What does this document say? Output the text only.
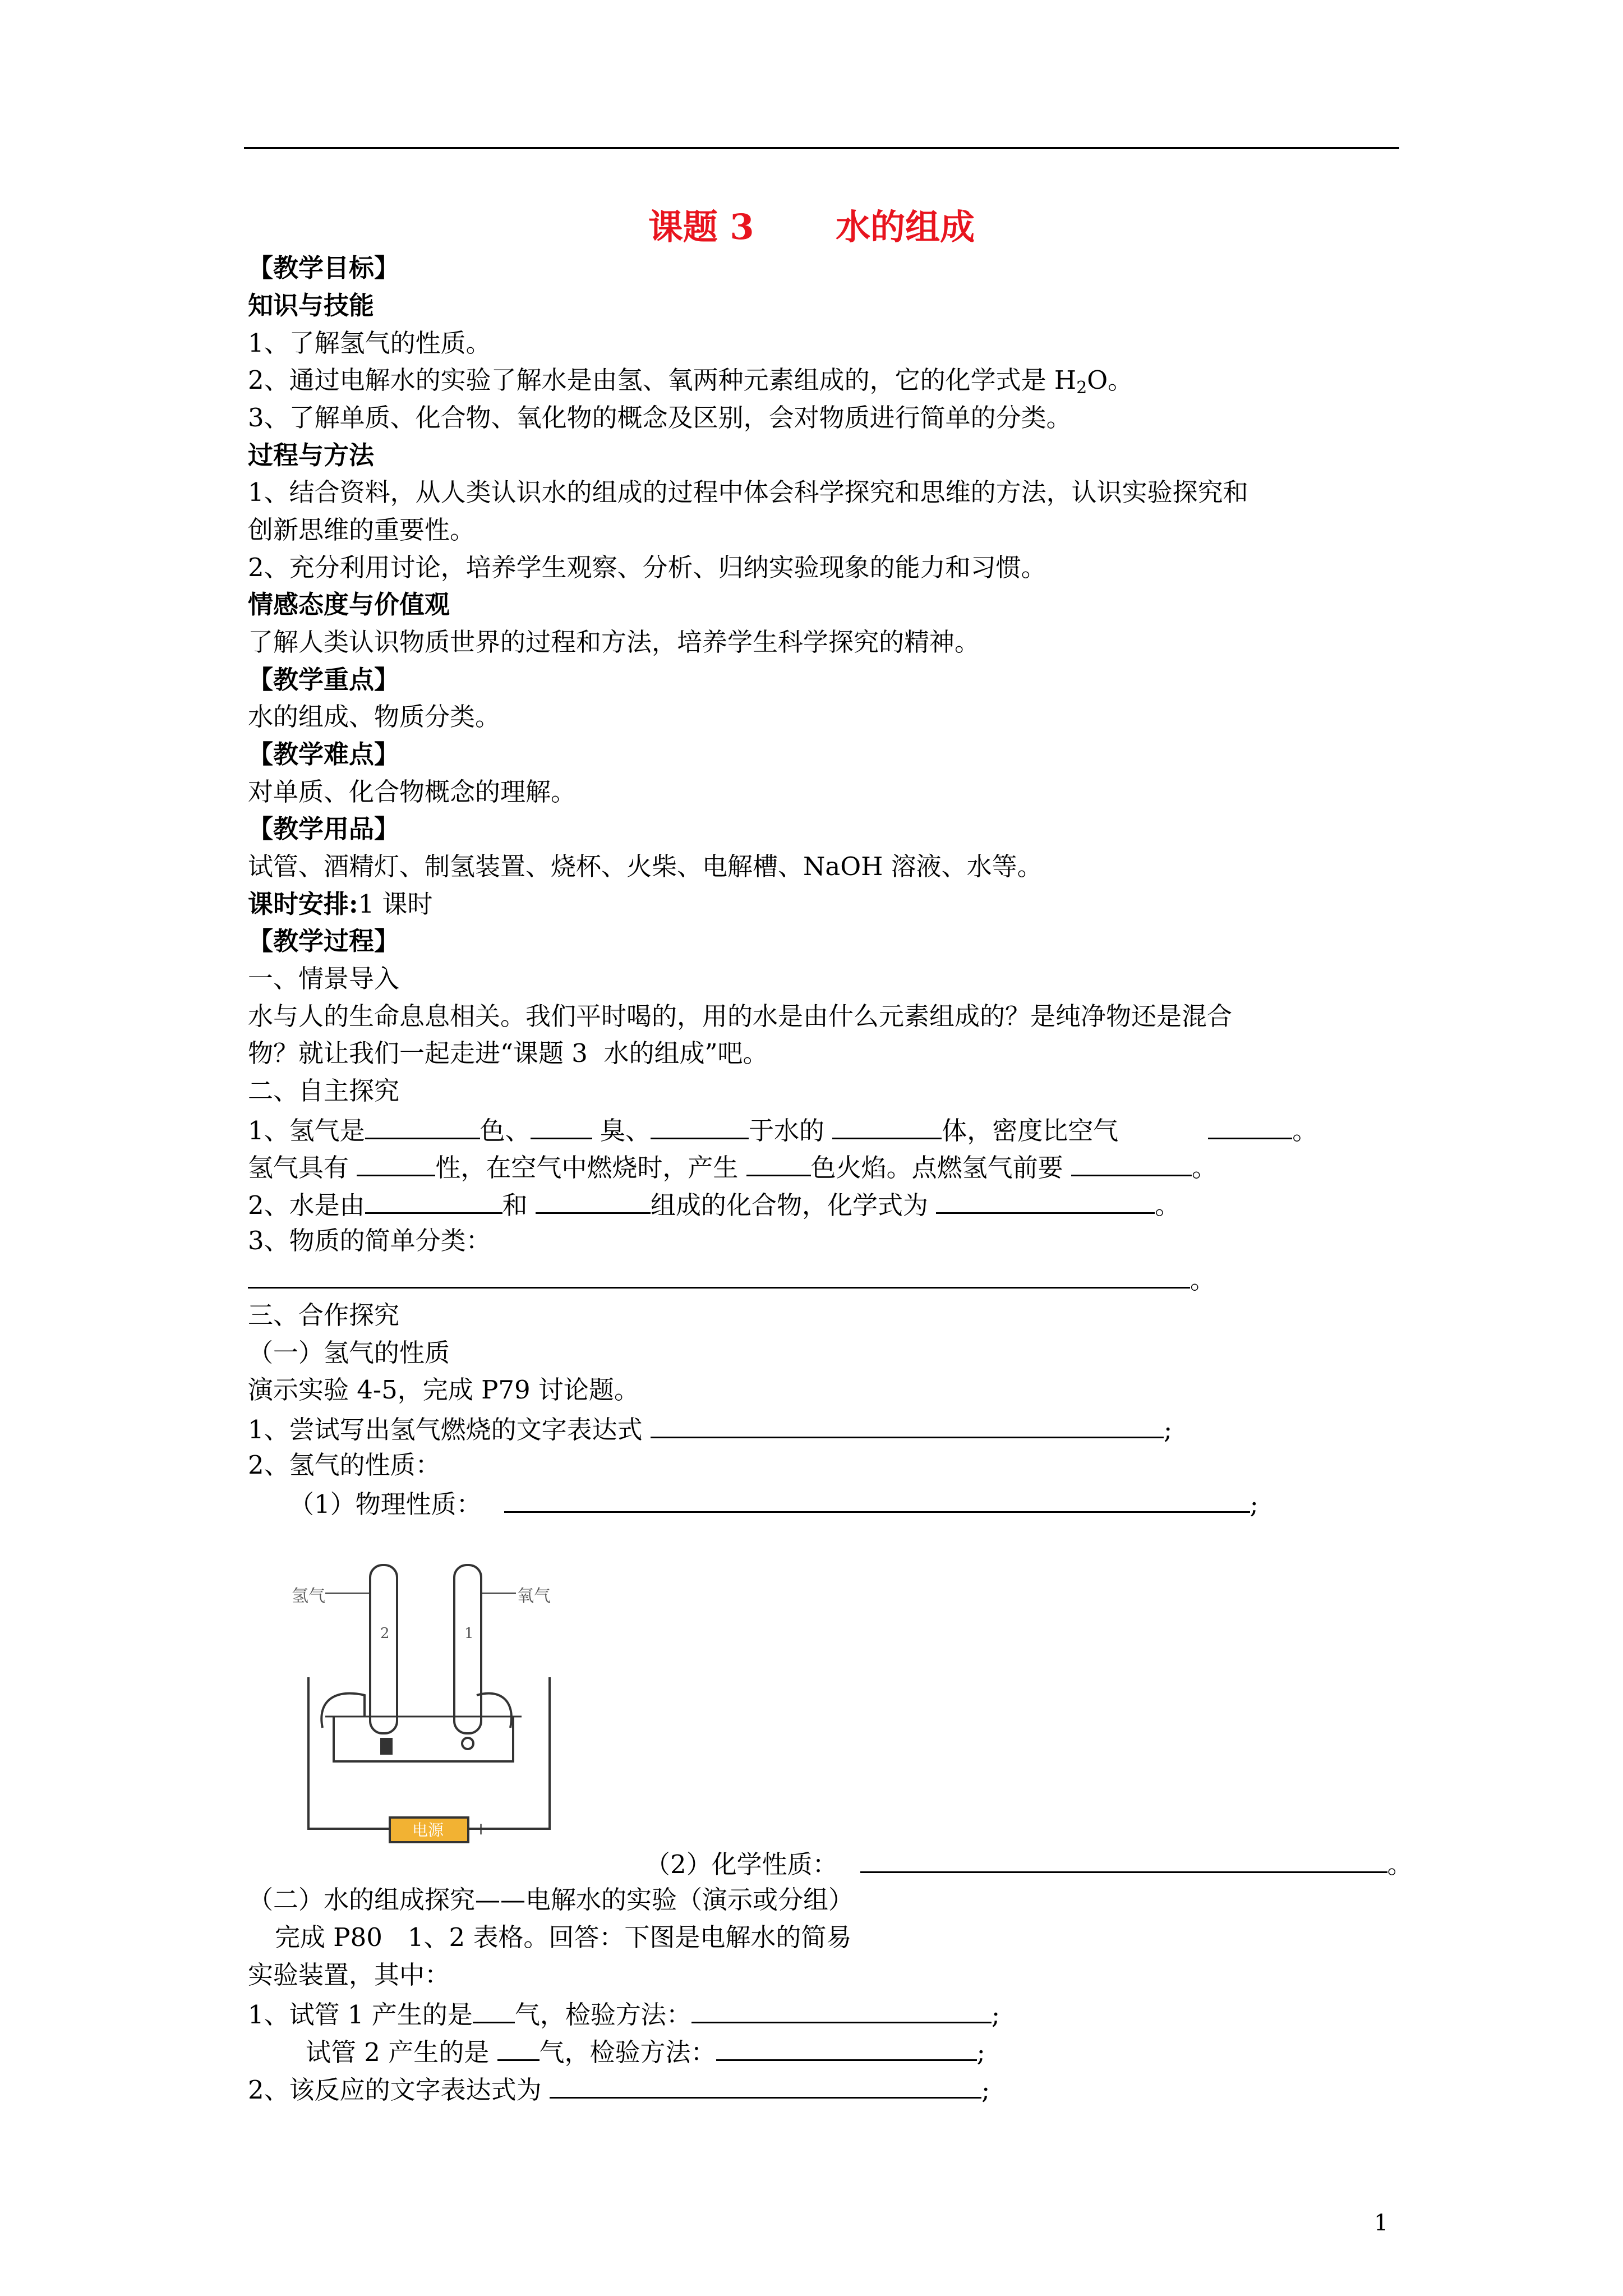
课题 3　　 水的组成
【教学目标】
知识与技能
1、了解氢气的性质。
2、通过电解水的实验了解水是由氢、氧两种元素组成的，它的化学式是 $H_2O$。
3、了解单质、化合物、氧化物的概念及区别，会对物质进行简单的分类。
过程与方法
1、结合资料，从人类认识水的组成的过程中体会科学探究和思维的方法，认识实验探究和
创新思维的重要性。
2、充分利用讨论，培养学生观察、分析、归纳实验现象的能力和习惯。
情感态度与价值观
了解人类认识物质世界的过程和方法，培养学生科学探究的精神。
【教学重点】
水的组成、物质分类。
【教学难点】
对单质、化合物概念的理解。
【教学用品】
试管、酒精灯、制氢装置、烧杯、火柴、电解槽、NaOH 溶液、水等。
课时安排:1 课时
【教学过程】
一、情景导入
水与人的生命息息相关。我们平时喝的，用的水是由什么元素组成的？是纯净物还是混合
物？就让我们一起走进“课题 3  水的组成”吧。
二、自主探究
1、氢气是	色、 臭、	于水的	体，密度比空气	。
氢气具有	性，在空气中燃烧时，产生	色火焰。点燃氢气前要	。
2、水是由	和	组成的化合物，化学式为	。
3、物质的简单分类：
。
三、合作探究
（一）氢气的性质
演示实验 4-5，完成 P79 讨论题。
1、尝试写出氢气燃烧的文字表达式	;
2、氢气的性质：
（1）物理性质：	;
氢气	氧气
2	1
电源
−	+
（2）化学性质：	。
（二）水的组成探究——电解水的实验（演示或分组）
完成 P80　1、2 表格。回答：下图是电解水的简易
实验装置，其中：
1、试管 1 产生的是 气，检验方法：	;
试管 2 产生的是 气，检验方法：	;
2、该反应的文字表达式为	;
1
